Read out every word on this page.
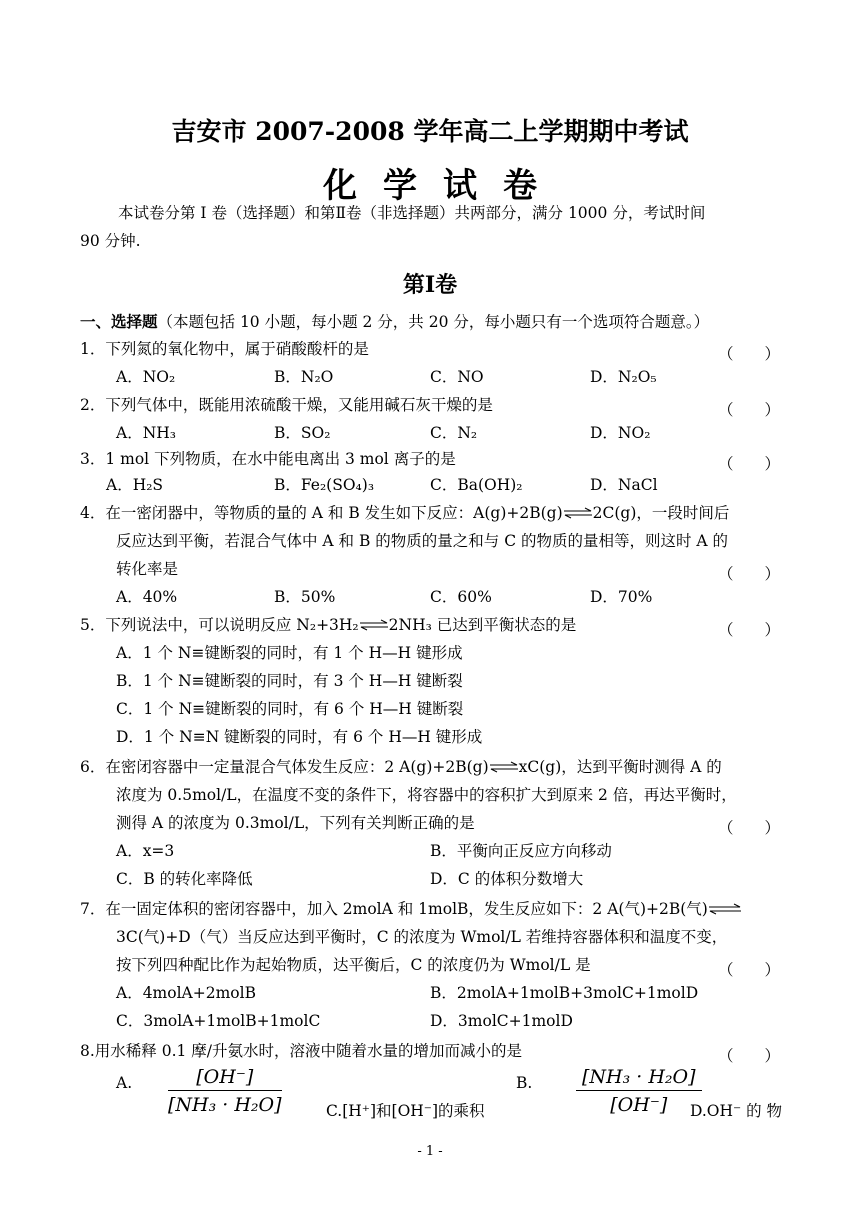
吉安市 2007-2008 学年高二上学期期中考试
化学试卷
本试卷分第 I 卷（选择题）和第Ⅱ卷（非选择题）共两部分，满分 1000 分，考试时间
90 分钟.
第Ⅰ卷
一、选择题（本题包括 10 小题，每小题 2 分，共 20 分，每小题只有一个选项符合题意。）
1．下列氮的氧化物中，属于硝酸酸杆的是	（　　）
A．NO₂	B．N₂O	C．NO	D．N₂O₅
2．下列气体中，既能用浓硫酸干燥，又能用碱石灰干燥的是	（　　）
A．NH₃	B．SO₂	C．N₂	D．NO₂
3．1 mol 下列物质，在水中能电离出 3 mol 离子的是	（　　）
A．H₂S	B．Fe₂(SO₄)₃	C．Ba(OH)₂	D．NaCl
4．在一密闭器中，等物质的量的 A 和 B 发生如下反应：A(g)+2B(g)⇌2C(g)，一段时间后
反应达到平衡，若混合气体中 A 和 B 的物质的量之和与 C 的物质的量相等，则这时 A 的
转化率是	（　　）
A．40%	B．50%	C．60%	D．70%
5．下列说法中，可以说明反应 N₂+3H₂⇌2NH₃ 已达到平衡状态的是	（　　）
A．1 个 N≡键断裂的同时，有 1 个 H—H 键形成
B．1 个 N≡键断裂的同时，有 3 个 H—H 键断裂
C．1 个 N≡键断裂的同时，有 6 个 H—H 键断裂
D．1 个 N≡N 键断裂的同时，有 6 个 H—H 键形成
6．在密闭容器中一定量混合气体发生反应：2 A(g)+2B(g)⇌xC(g)，达到平衡时测得 A 的
浓度为 0.5mol/L，在温度不变的条件下，将容器中的容积扩大到原来 2 倍，再达平衡时，
测得 A 的浓度为 0.3mol/L，下列有关判断正确的是	（　　）
A．x=3	B．平衡向正反应方向移动
C．B 的转化率降低	D．C 的体积分数增大
7．在一固定体积的密闭容器中，加入 2molA 和 1molB，发生反应如下：2 A(气)+2B(气)⇌
3C(气)+D（气）当反应达到平衡时，C 的浓度为 Wmol/L 若维持容器体积和温度不变，
按下列四种配比作为起始物质，达平衡后，C 的浓度仍为 Wmol/L 是	（　　）
A．4molA+2molB	B．2molA+1molB+3molC+1molD
C．3molA+1molB+1molC	D．3molC+1molD
8.用水稀释 0.1 摩/升氨水时，溶液中随着水量的增加而减小的是	（　　）
A. $\frac{[OH^-]}{\text{[NH₃ · H₂O]}}$	C.[H⁺]和[OH⁻]的乘积
B. $\frac{\text{[NH₃ · H₂O]}}{[OH^-]}$
D.OH⁻ 的 物
- 1 -
